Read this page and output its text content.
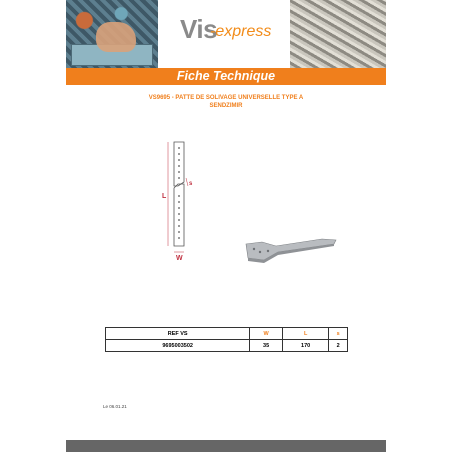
Vis
-express
Fiche Technique
VS9695 - PATTE DE SOLIVAGE UNIVERSELLE TYPE A
SENDZIMIR
L
s
W
REF VS	W	L	s
9695003502	35	170	2
Le 06.01.21
